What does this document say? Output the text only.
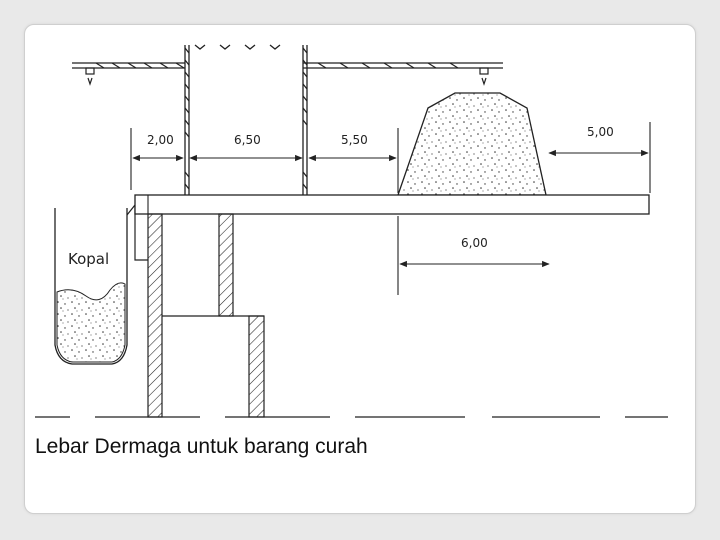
Kopal
2,00	6,50	5,50
5,00
6,00
Lebar Dermaga untuk barang curah
